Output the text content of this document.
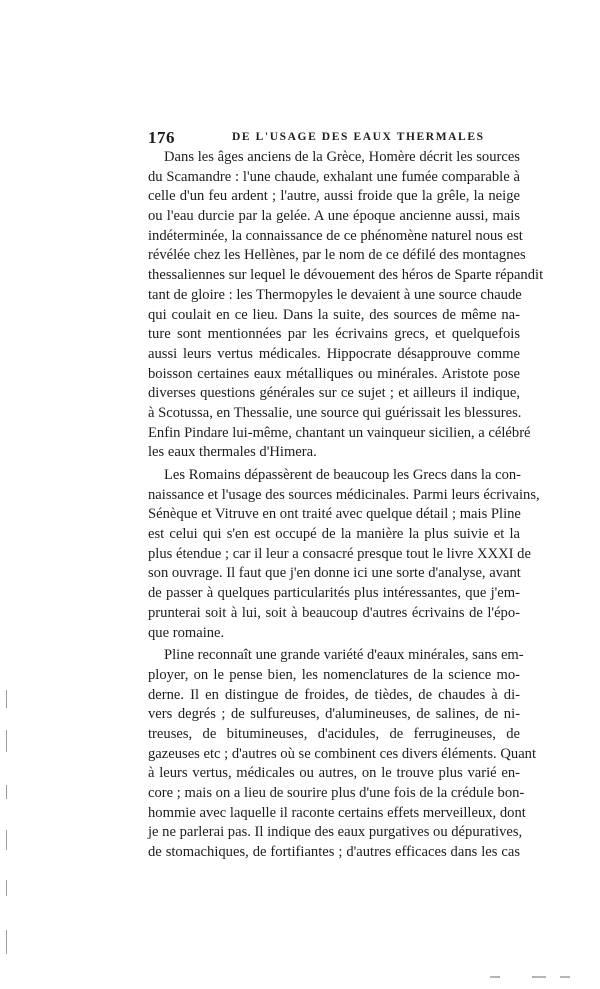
176	DE L'USAGE DES EAUX THERMALES
Dans les âges anciens de la Grèce, Homère décrit les sources
du Scamandre : l'une chaude, exhalant une fumée comparable à
celle d'un feu ardent ; l'autre, aussi froide que la grêle, la neige
ou l'eau durcie par la gelée. A une époque ancienne aussi, mais
indéterminée, la connaissance de ce phénomène naturel nous est
révélée chez les Hellènes, par le nom de ce défilé des montagnes
thessaliennes sur lequel le dévouement des héros de Sparte répandit
tant de gloire : les Thermopyles le devaient à une source chaude
qui coulait en ce lieu. Dans la suite, des sources de même na-
ture sont mentionnées par les écrivains grecs, et quelquefois
aussi leurs vertus médicales. Hippocrate désapprouve comme
boisson certaines eaux métalliques ou minérales. Aristote pose
diverses questions générales sur ce sujet ; et ailleurs il indique,
à Scotussa, en Thessalie, une source qui guérissait les blessures.
Enfin Pindare lui-même, chantant un vainqueur sicilien, a célébré
les eaux thermales d'Himera.
Les Romains dépassèrent de beaucoup les Grecs dans la con-
naissance et l'usage des sources médicinales. Parmi leurs écrivains,
Sénèque et Vitruve en ont traité avec quelque détail ; mais Pline
est celui qui s'en est occupé de la manière la plus suivie et la
plus étendue ; car il leur a consacré presque tout le livre XXXI de
son ouvrage. Il faut que j'en donne ici une sorte d'analyse, avant
de passer à quelques particularités plus intéressantes, que j'em-
prunterai soit à lui, soit à beaucoup d'autres écrivains de l'épo-
que romaine.
Pline reconnaît une grande variété d'eaux minérales, sans em-
ployer, on le pense bien, les nomenclatures de la science mo-
derne. Il en distingue de froides, de tièdes, de chaudes à di-
vers degrés ; de sulfureuses, d'alumineuses, de salines, de ni-
treuses, de bitumineuses, d'acidules, de ferrugineuses, de
gazeuses etc ; d'autres où se combinent ces divers éléments. Quant
à leurs vertus, médicales ou autres, on le trouve plus varié en-
core ; mais on a lieu de sourire plus d'une fois de la crédule bon-
hommie avec laquelle il raconte certains effets merveilleux, dont
je ne parlerai pas. Il indique des eaux purgatives ou dépuratives,
de stomachiques, de fortifiantes ; d'autres efficaces dans les cas
